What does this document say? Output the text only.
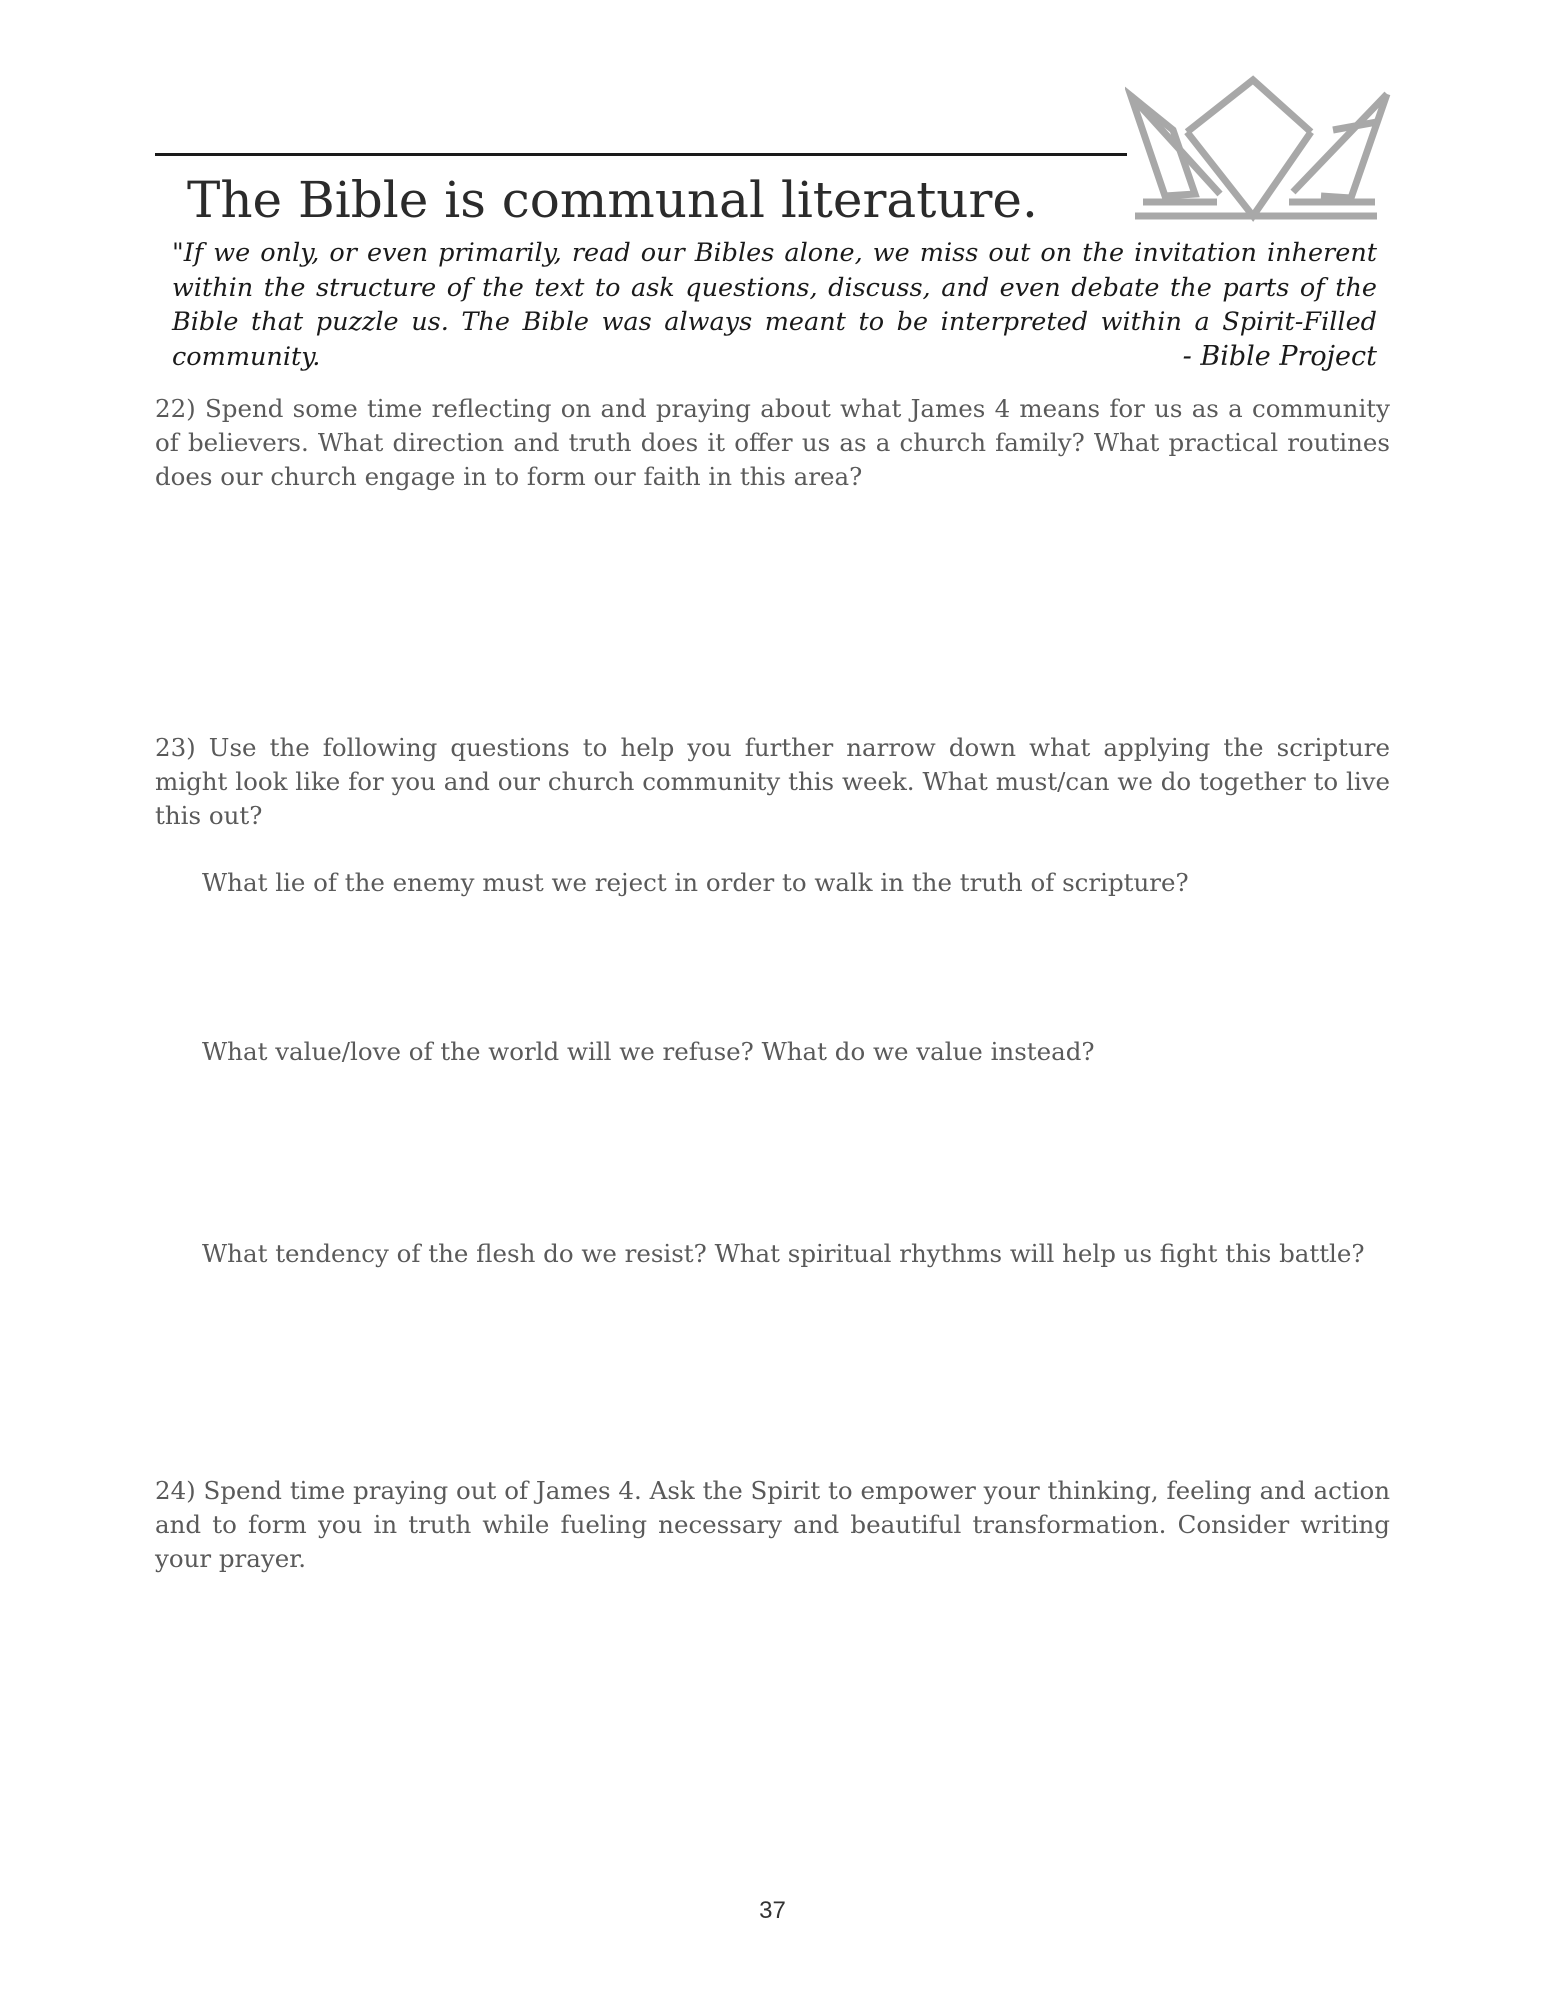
The Bible is communal literature.

"If we only, or even primarily, read our Bibles alone, we miss out on the invitation inherent within the structure of the text to ask questions, discuss, and even debate the parts of the Bible that puzzle us. The Bible was always meant to be interpreted within a Spirit-Filled community.	- Bible Project

22) Spend some time reflecting on and praying about what James 4 means for us as a community of believers. What direction and truth does it offer us as a church family? What practical routines does our church engage in to form our faith in this area?

23) Use the following questions to help you further narrow down what applying the scripture might look like for you and our church community this week. What must/can we do together to live this out?

What lie of the enemy must we reject in order to walk in the truth of scripture?

What value/love of the world will we refuse? What do we value instead?

What tendency of the flesh do we resist? What spiritual rhythms will help us fight this battle?

24) Spend time praying out of James 4. Ask the Spirit to empower your thinking, feeling and action and to form you in truth while fueling necessary and beautiful transformation. Consider writing your prayer.

37
